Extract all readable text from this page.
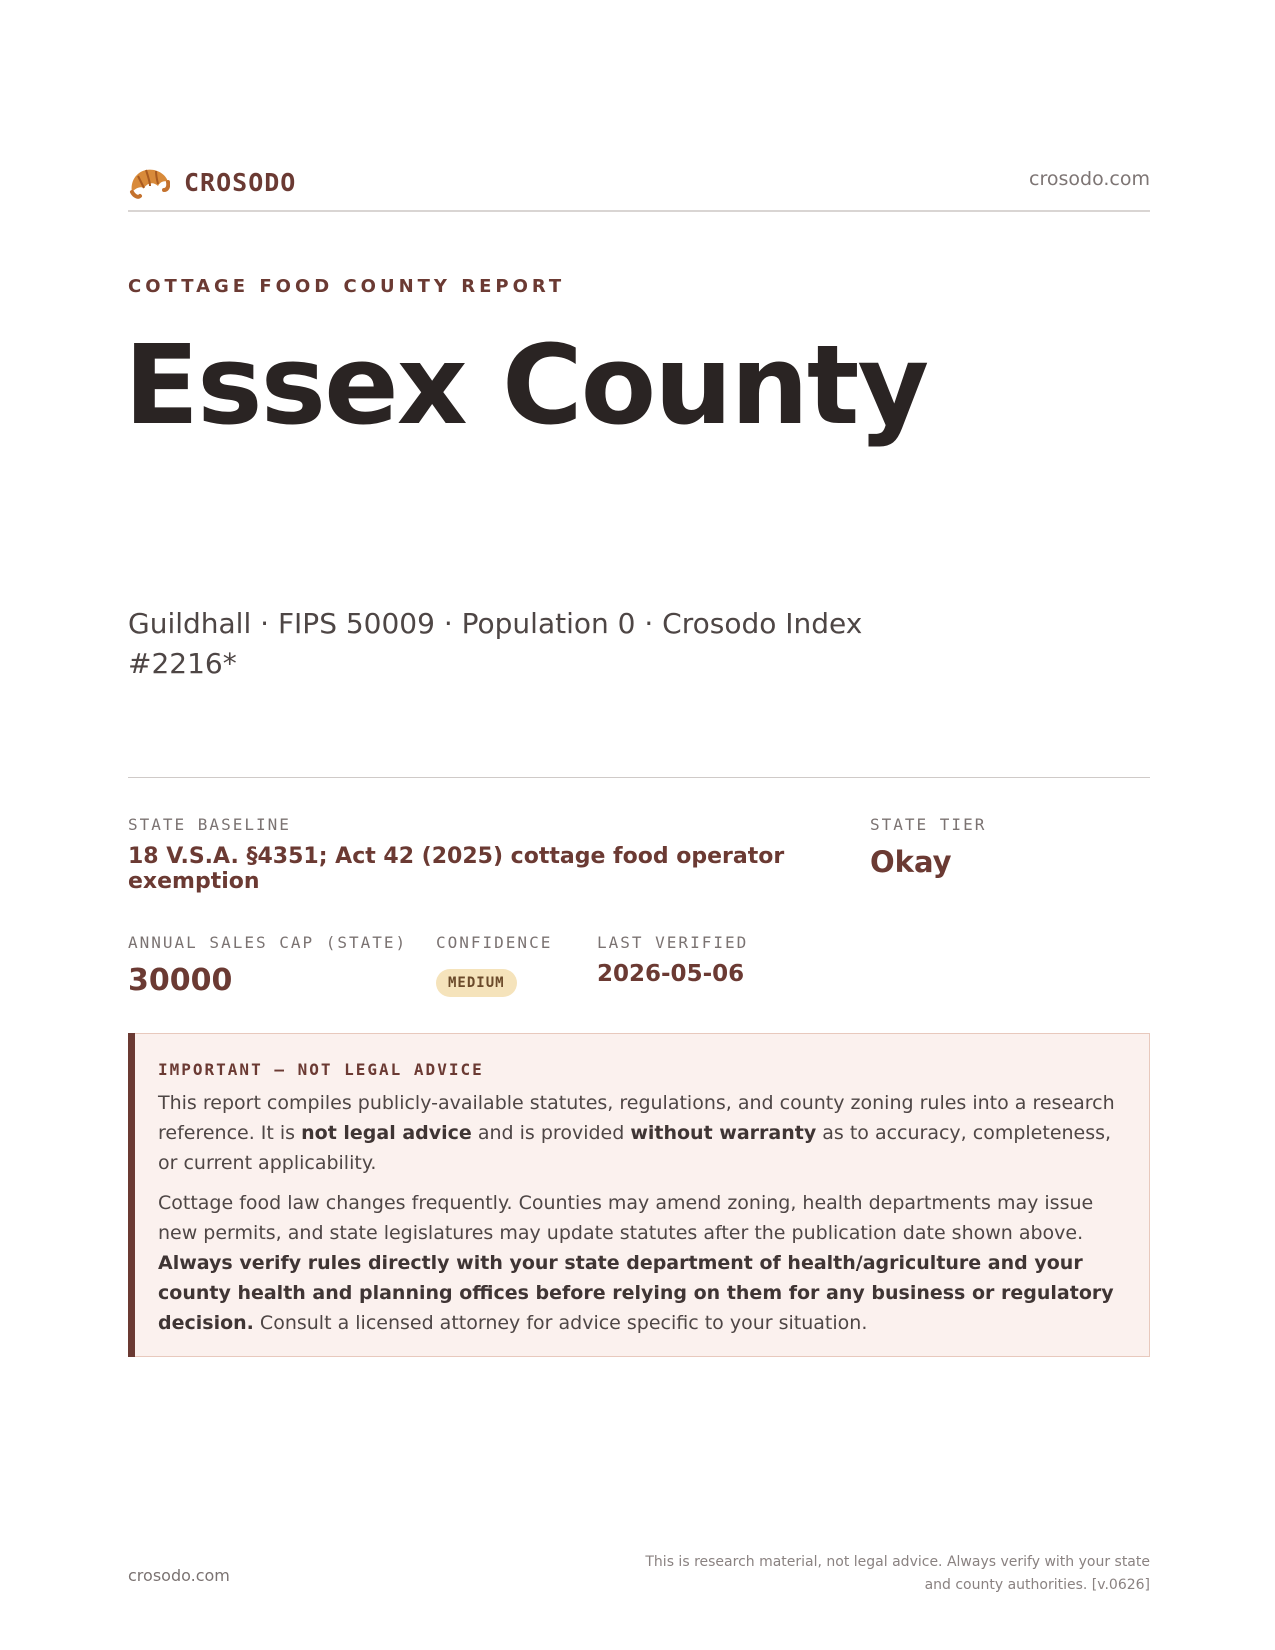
CROSODO	crosodo.com
COTTAGE FOOD COUNTY REPORT
Essex County
Guildhall · FIPS 50009 · Population 0 · Crosodo Index #2216*
STATE BASELINE
18 V.S.A. §4351; Act 42 (2025) cottage food operator exemption
STATE TIER
Okay
ANNUAL SALES CAP (STATE)
30000
CONFIDENCE
MEDIUM
LAST VERIFIED
2026-05-06
IMPORTANT — NOT LEGAL ADVICE

This report compiles publicly-available statutes, regulations, and county zoning rules into a research reference. It is not legal advice and is provided without warranty as to accuracy, completeness, or current applicability.

Cottage food law changes frequently. Counties may amend zoning, health departments may issue new permits, and state legislatures may update statutes after the publication date shown above. Always verify rules directly with your state department of health/agriculture and your county health and planning offices before relying on them for any business or regulatory decision. Consult a licensed attorney for advice specific to your situation.

crosodo.com
This is research material, not legal advice. Always verify with your state and county authorities. [v.0626]
